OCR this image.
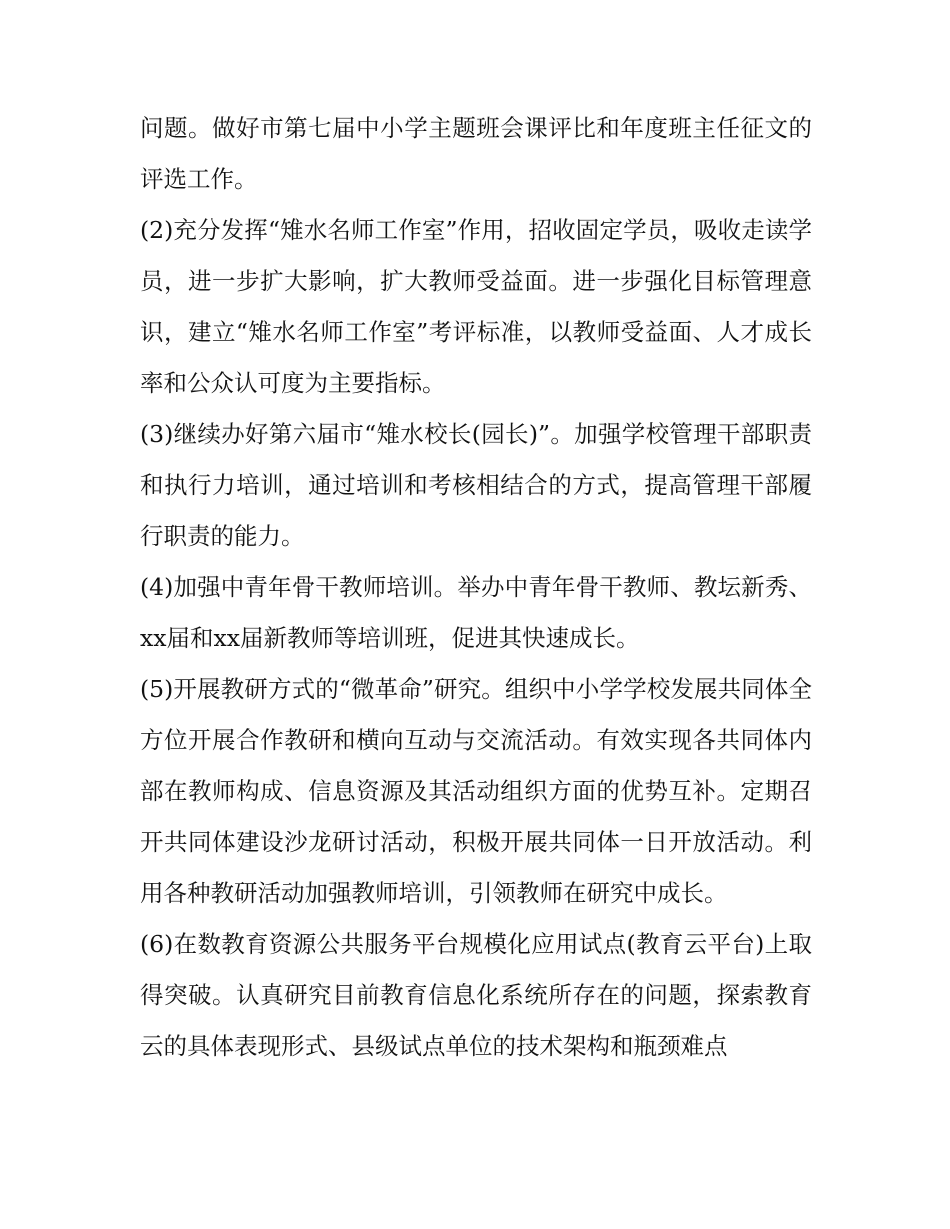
问题。做好市第七届中小学主题班会课评比和年度班主任征文的评选工作。

(2)充分发挥“雉水名师工作室”作用，招收固定学员，吸收走读学员，进一步扩大影响，扩大教师受益面。进一步强化目标管理意识，建立“雉水名师工作室”考评标准，以教师受益面、人才成长率和公众认可度为主要指标。

(3)继续办好第六届市“雉水校长(园长)”。加强学校管理干部职责和执行力培训，通过培训和考核相结合的方式，提高管理干部履行职责的能力。

(4)加强中青年骨干教师培训。举办中青年骨干教师、教坛新秀、xx届和xx届新教师等培训班，促进其快速成长。

(5)开展教研方式的“微革命”研究。组织中小学学校发展共同体全方位开展合作教研和横向互动与交流活动。有效实现各共同体内部在教师构成、信息资源及其活动组织方面的优势互补。定期召开共同体建设沙龙研讨活动，积极开展共同体一日开放活动。利用各种教研活动加强教师培训，引领教师在研究中成长。

(6)在数教育资源公共服务平台规模化应用试点(教育云平台)上取得突破。认真研究目前教育信息化系统所存在的问题，探索教育云的具体表现形式、县级试点单位的技术架构和瓶颈难点
